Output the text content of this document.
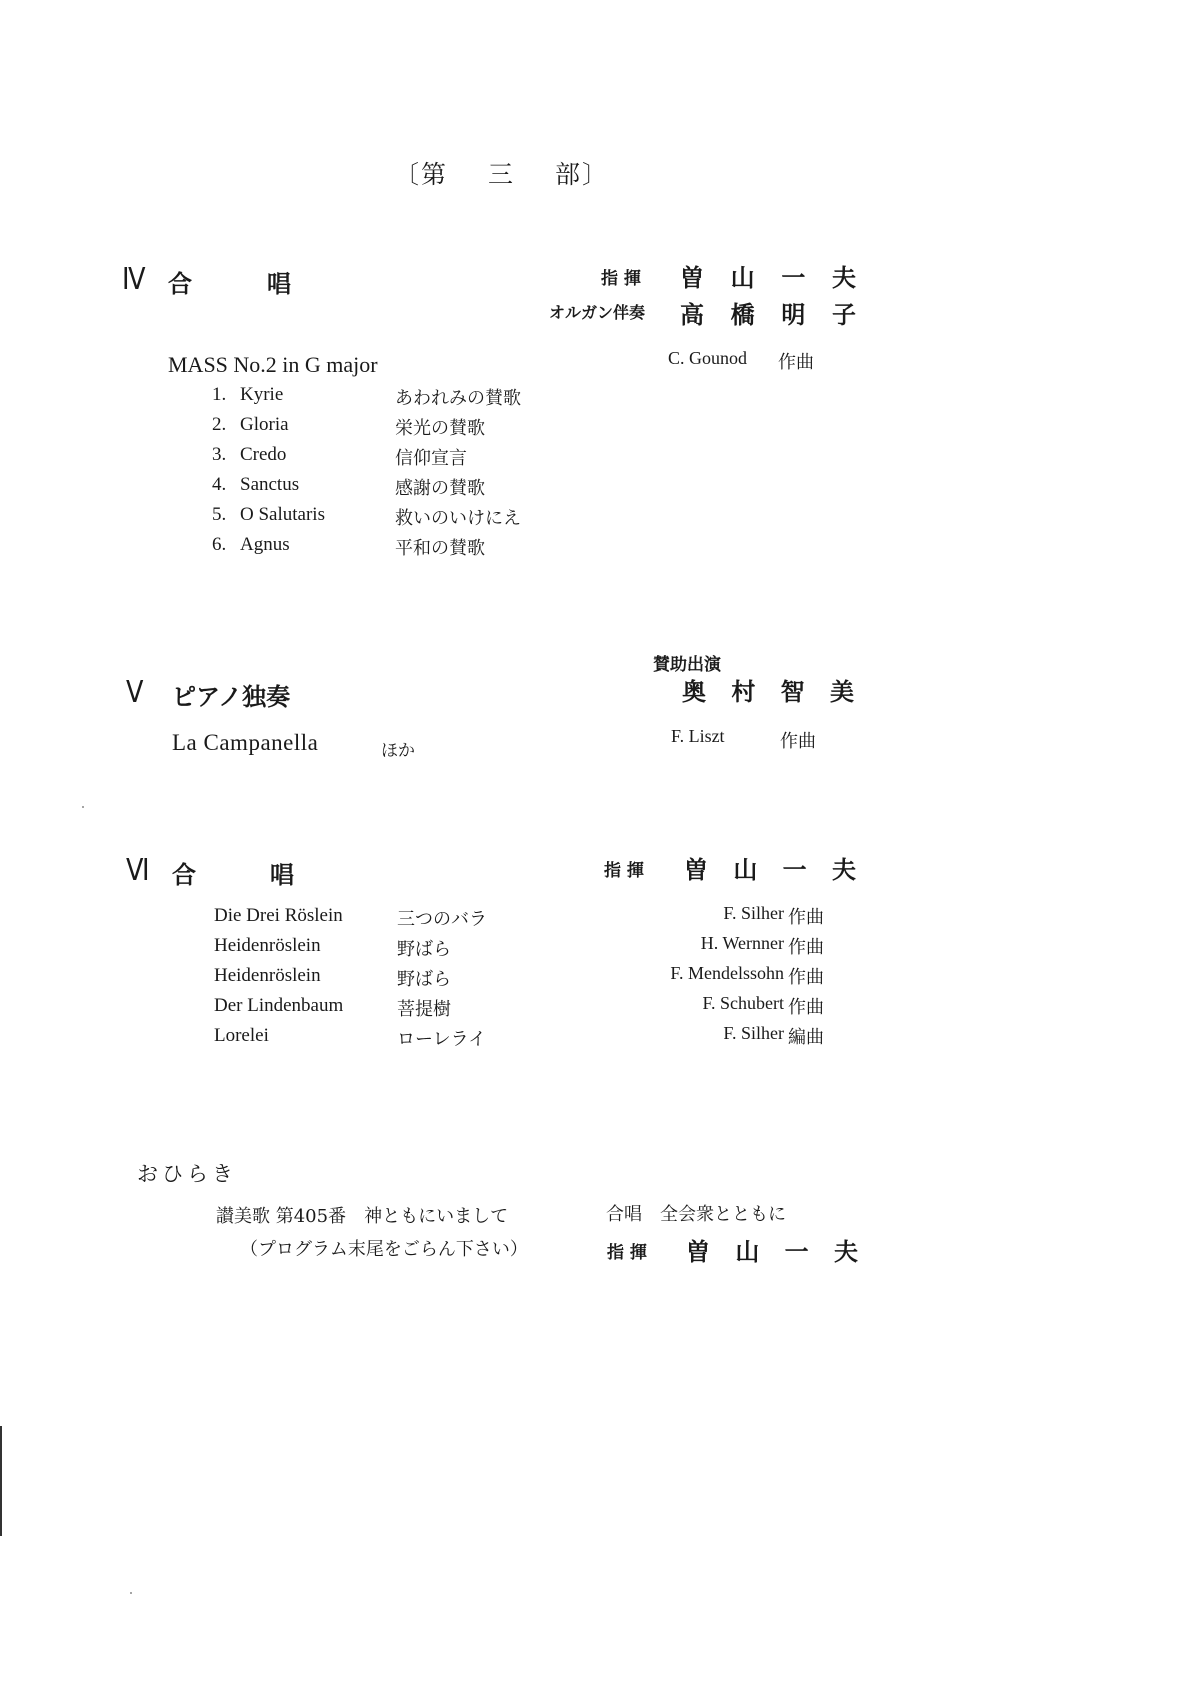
〔第 三 部〕
Ⅳ 合	唱	指 揮 曽 山 一 夫
オルガン伴奏 高 橋 明 子
MASS No.2 in G major	C. Gounod 作曲
1. Kyrie	あわれみの賛歌
2. Gloria	栄光の賛歌
3. Credo	信仰宣言
4. Sanctus	感謝の賛歌
5. O Salutaris	救いのいけにえ
6. Agnus	平和の賛歌
賛助出演
奥 村 智 美
Ⅴ ピアノ独奏
La Campanella	ほか
F. Liszt	作曲
Ⅵ 合	唱	指 揮 曽 山 一 夫
Die Drei Röslein	三つのバラ	F. Silher 作曲
Heidenröslein	野ばら	H. Wernner 作曲
Heidenröslein	野ばら	F. Mendelssohn 作曲
Der Lindenbaum	菩提樹	F. Schubert 作曲
Lorelei	ローレライ	F. Silher 編曲
おひらき
讃美歌 第405番　神ともにいまして
（プログラム末尾をごらん下さい）
合唱　全会衆とともに
指 揮 曽 山 一 夫
